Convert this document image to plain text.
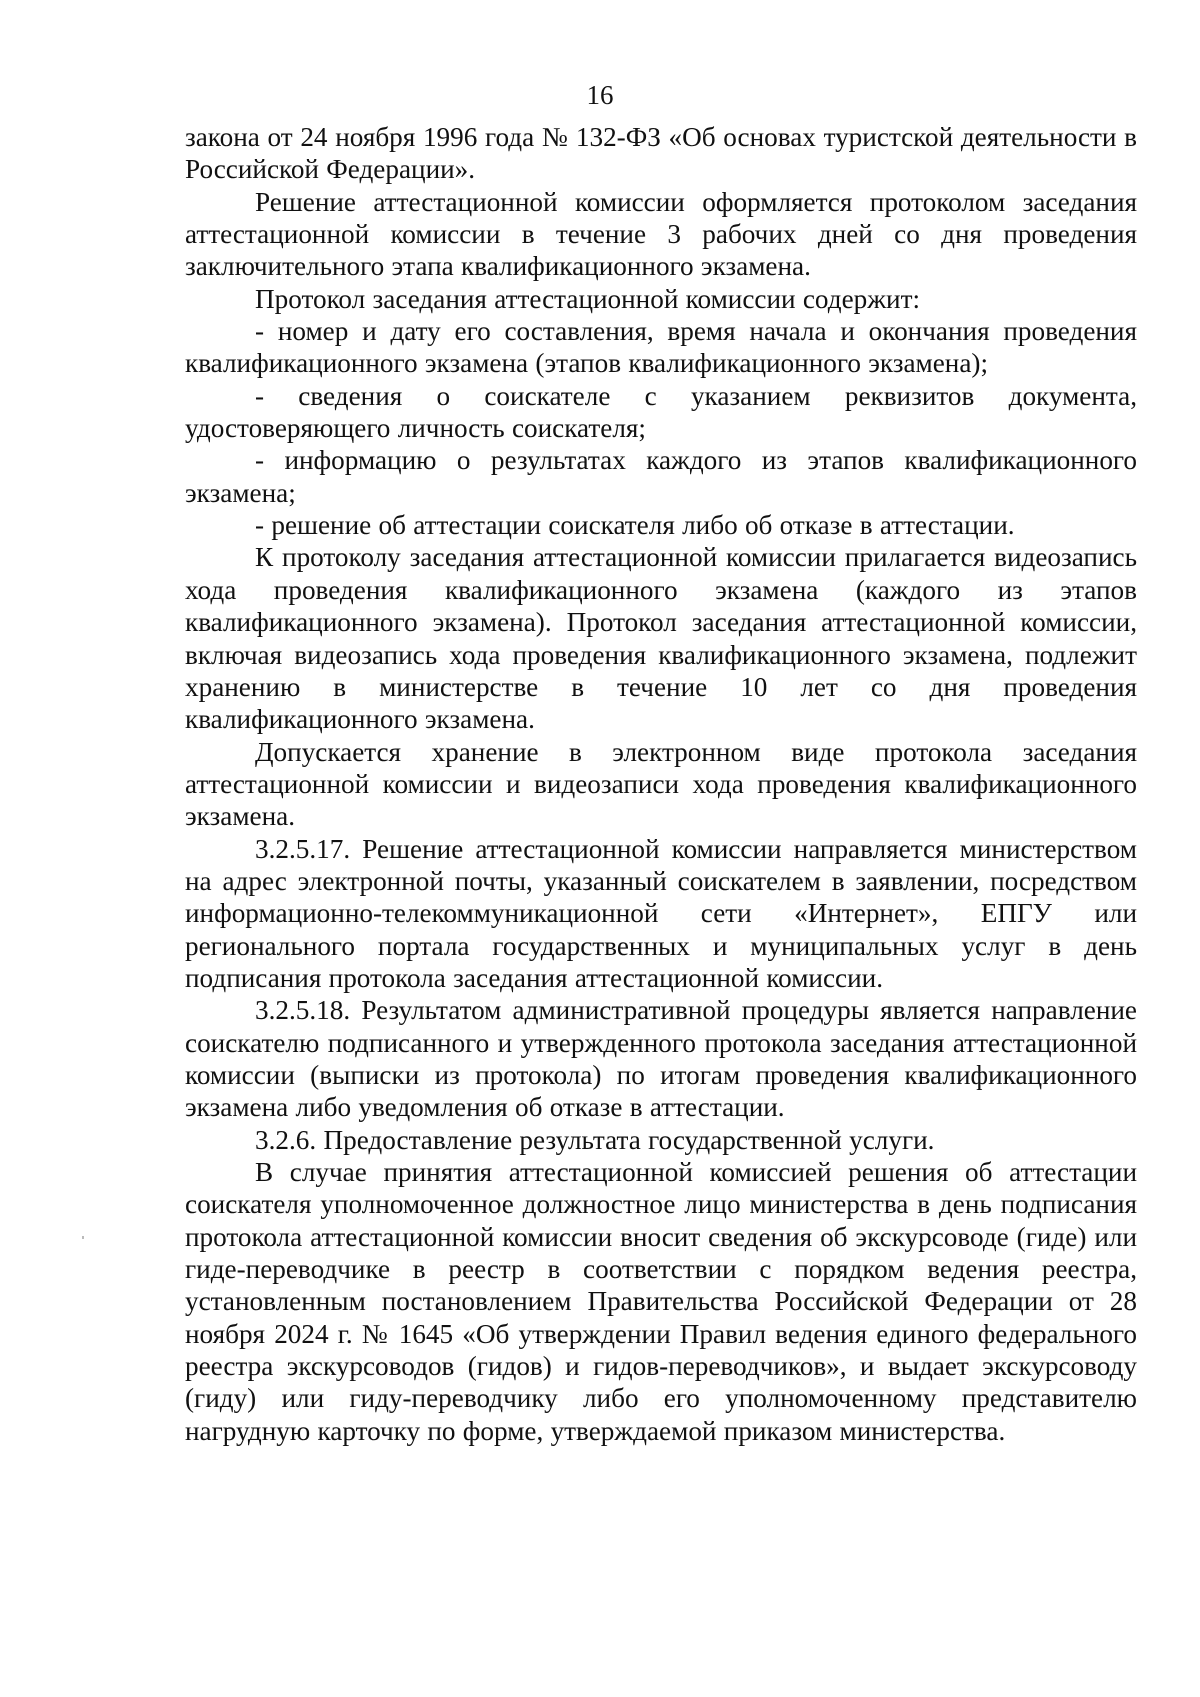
16

закона от 24 ноября 1996 года № 132-ФЗ «Об основах туристской деятельности в Российской Федерации».

Решение аттестационной комиссии оформляется протоколом заседания аттестационной комиссии в течение 3 рабочих дней со дня проведения заключительного этапа квалификационного экзамена.

Протокол заседания аттестационной комиссии содержит:

- номер и дату его составления, время начала и окончания проведения квалификационного экзамена (этапов квалификационного экзамена);

- сведения о соискателе с указанием реквизитов документа, удостоверяющего личность соискателя;

- информацию о результатах каждого из этапов квалификационного экзамена;

- решение об аттестации соискателя либо об отказе в аттестации.

К протоколу заседания аттестационной комиссии прилагается видеозапись хода проведения квалификационного экзамена (каждого из этапов квалификационного экзамена). Протокол заседания аттестационной комиссии, включая видеозапись хода проведения квалификационного экзамена, подлежит хранению в министерстве в течение 10 лет со дня проведения квалификационного экзамена.

Допускается хранение в электронном виде протокола заседания аттестационной комиссии и видеозаписи хода проведения квалификационного экзамена.

3.2.5.17. Решение аттестационной комиссии направляется министерством на адрес электронной почты, указанный соискателем в заявлении, посредством информационно-телекоммуникационной сети «Интернет», ЕПГУ или регионального портала государственных и муниципальных услуг в день подписания протокола заседания аттестационной комиссии.

3.2.5.18. Результатом административной процедуры является направление соискателю подписанного и утвержденного протокола заседания аттестационной комиссии (выписки из протокола) по итогам проведения квалификационного экзамена либо уведомления об отказе в аттестации.

3.2.6. Предоставление результата государственной услуги.

В случае принятия аттестационной комиссией решения об аттестации соискателя уполномоченное должностное лицо министерства в день подписания протокола аттестационной комиссии вносит сведения об экскурсоводе (гиде) или гиде-переводчике в реестр в соответствии с порядком ведения реестра, установленным постановлением Правительства Российской Федерации от 28 ноября 2024 г. № 1645 «Об утверждении Правил ведения единого федерального реестра экскурсоводов (гидов) и гидов-переводчиков», и выдает экскурсоводу (гиду) или гиду-переводчику либо его уполномоченному представителю нагрудную карточку по форме, утверждаемой приказом министерства.
